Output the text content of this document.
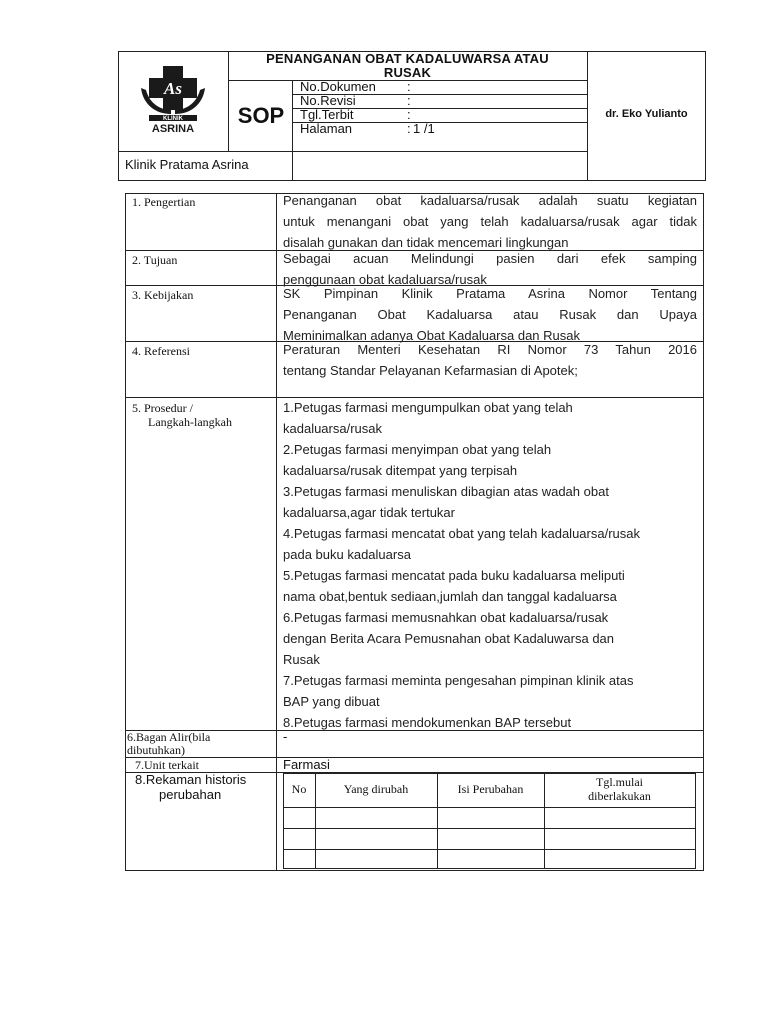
As
KLINIK
ASRINA
PENANGANAN OBAT KADALUWARSA ATAU
RUSAK
SOP
No.Dokumen :
No.Revisi	:
Tgl.Terbit	:
Halaman	: 1 /1
dr. Eko Yulianto
Klinik Pratama Asrina
1. Pengertian	Penanganan obat kadaluarsa/rusak adalah suatu kegiatan
untuk menangani obat yang telah kadaluarsa/rusak agar tidak
disalah gunakan dan tidak mencemari lingkungan
2. Tujuan	Sebagai acuan Melindungi pasien dari efek samping
penggunaan obat kadaluarsa/rusak
3. Kebijakan	SK Pimpinan Klinik Pratama Asrina Nomor Tentang
Penanganan Obat Kadaluarsa atau Rusak dan Upaya
Meminimalkan adanya Obat Kadaluarsa dan Rusak
4. Referensi	Peraturan Menteri Kesehatan RI Nomor 73 Tahun 2016
tentang Standar Pelayanan Kefarmasian di Apotek;
5. Prosedur /
Langkah-langkah
1.Petugas farmasi mengumpulkan obat yang telah
kadaluarsa/rusak
2.Petugas farmasi menyimpan obat yang telah
kadaluarsa/rusak ditempat yang terpisah
3.Petugas farmasi menuliskan dibagian atas wadah obat
kadaluarsa,agar tidak tertukar
4.Petugas farmasi mencatat obat yang telah kadaluarsa/rusak
pada buku kadaluarsa
5.Petugas farmasi mencatat pada buku kadaluarsa meliputi
nama obat,bentuk sediaan,jumlah dan tanggal kadaluarsa
6.Petugas farmasi memusnahkan obat kadaluarsa/rusak
dengan Berita Acara Pemusnahan obat Kadaluwarsa dan
Rusak
7.Petugas farmasi meminta pengesahan pimpinan klinik atas
BAP yang dibuat
8.Petugas farmasi mendokumenkan BAP tersebut
6.Bagan Alir(bila
dibutuhkan)
-
7.Unit terkait	Farmasi
8.Rekaman historis
perubahan	No	Yang dirubah	Isi Perubahan	Tgl.mulai
diberlakukan
